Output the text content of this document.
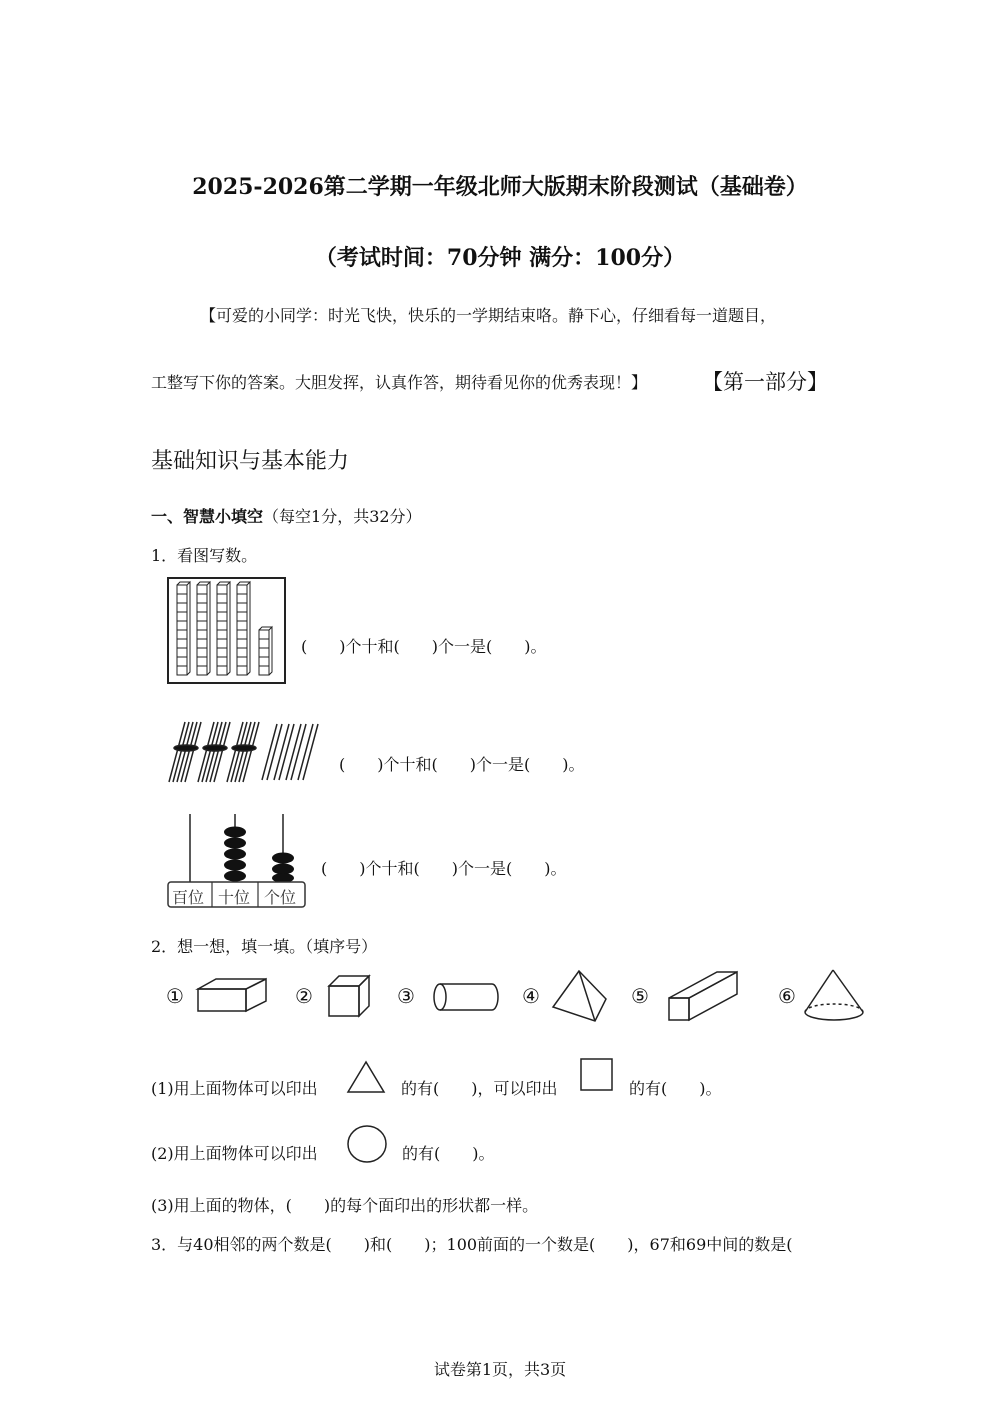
2025-2026第二学期一年级北师大版期末阶段测试（基础卷）
（考试时间：70分钟 满分：100分）
【可爱的小同学：时光飞快，快乐的一学期结束咯。静下心，仔细看每一道题目，
工整写下你的答案。大胆发挥，认真作答，期待看见你的优秀表现！】	【第一部分】
基础知识与基本能力
一、智慧小填空（每空1分，共32分）
1．看图写数。
(　　)个十和(　　)个一是(　　)。
(　　)个十和(　　)个一是(　　)。
百位 十位 个位
(　　)个十和(　　)个一是(　　)。
2．想一想，填一填。（填序号）
①	②	③	④	⑤	⑥
(1)用上面物体可以印出	的有(　　)，可以印出	的有(　　)。
(2)用上面物体可以印出	的有(　　)。
(3)用上面的物体，(　　)的每个面印出的形状都一样。
3．与40相邻的两个数是(　　)和(　　)；100前面的一个数是(　　)，67和69中间的数是(
试卷第1页，共3页
